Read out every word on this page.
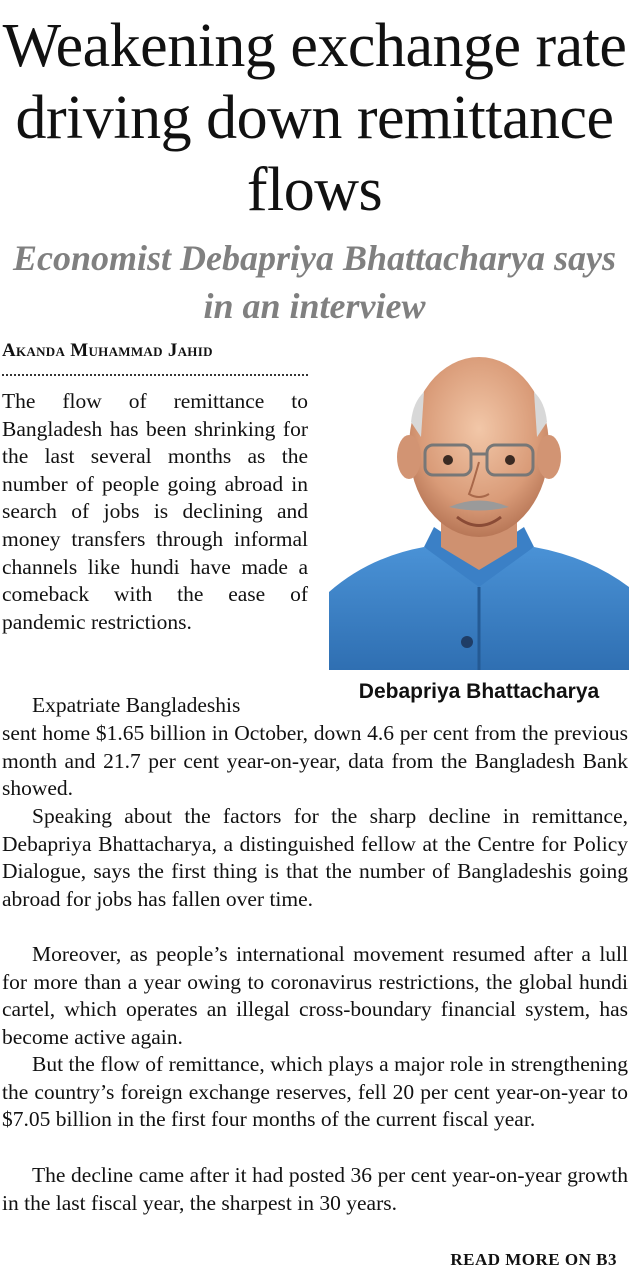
Weakening exchange rate driving down remittance flows
Economist Debapriya Bhattacharya says in an interview
Akanda Muhammad Jahid
Debapriya Bhattacharya

The flow of remittance to Bangladesh has been shrinking for the last several months as the number of people going abroad in search of jobs is declining and money transfers through informal channels like hundi have made a comeback with the ease of pandemic restrictions.

Expatriate Bangladeshis

sent home $1.65 billion in October, down 4.6 per cent from the previous month and 21.7 per cent year-on-year, data from the Bangladesh Bank showed.

Speaking about the factors for the sharp decline in remittance, Debapriya Bhattacharya, a distinguished fellow at the Centre for Policy Dialogue, says the first thing is that the number of Bangladeshis going abroad for jobs has fallen over time.

Moreover, as people’s international movement resumed after a lull for more than a year owing to coronavirus restrictions, the global hundi cartel, which operates an illegal cross-boundary financial system, has become active again.

But the flow of remittance, which plays a major role in strengthening the country’s foreign exchange reserves, fell 20 per cent year-on-year to $7.05 billion in the first four months of the current fiscal year.

The decline came after it had posted 36 per cent year-on-year growth in the last fiscal year, the sharpest in 30 years.

READ MORE ON B3
